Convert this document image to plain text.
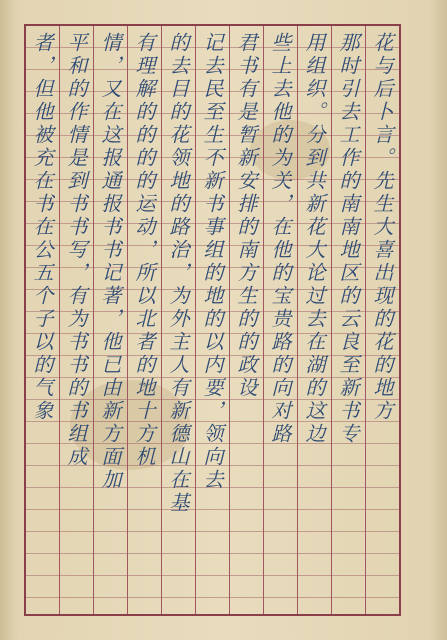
花与后卜言。先生大喜出现的花的地方
那时引去工作的南南地区的云良至新书专
用组织。分到共新花大论过去在湖的这边
些上去他的为关，在他的宝贵路的向对路
君书有是暂新安排的南方生的的政设
记去民至生不新书事组的地的以内要，领向去
的去目的花领地的路治，为外主人有新德山在基
有理解的的的的运动，所以北者的地十方机
情，又在这报通报书书记著，他已由新方面加
平和的作情是到书书写，有为书书的书组成
者，但他被充在书在公五个子以的气象
